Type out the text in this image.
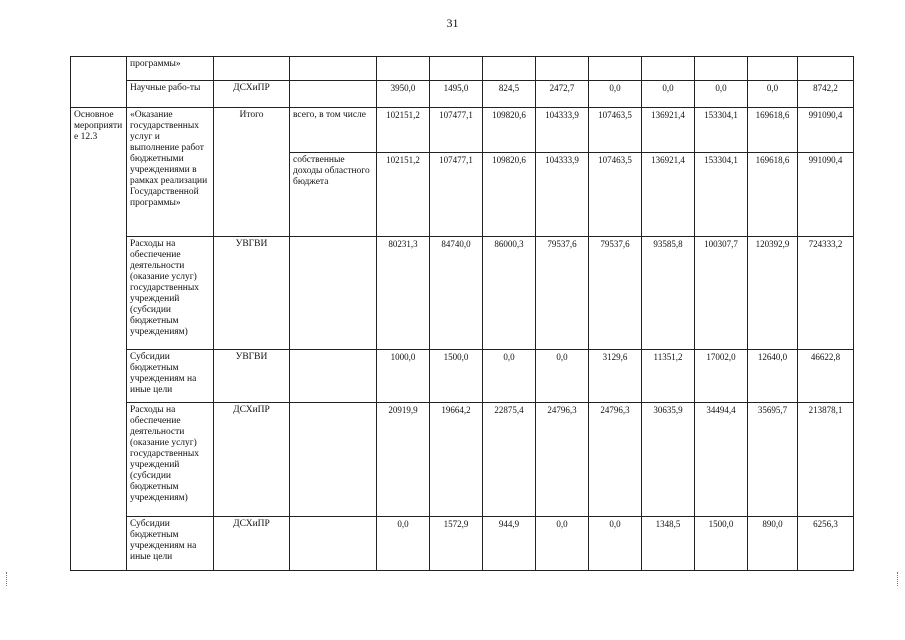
31
	программы»											
	Научные рабо-ты	ДСХиПР		3950,0	1495,0	824,5	2472,7	0,0	0,0	0,0	0,0	8742,2
Основное мероприятие 12.3	«Оказание государственных услуг и выполнение работ бюджетными учреждениями в рамках реализации Государственной программы»	Итого	всего, в том числе	102151,2	107477,1	109820,6	104333,9	107463,5	136921,4	153304,1	169618,6	991090,4
			собственные доходы областного бюджета	102151,2	107477,1	109820,6	104333,9	107463,5	136921,4	153304,1	169618,6	991090,4
	Расходы на обеспечение деятельности (оказание услуг) государственных учреждений (субсидии бюджетным учреждениям)	УВГВИ		80231,3	84740,0	86000,3	79537,6	79537,6	93585,8	100307,7	120392,9	724333,2
	Субсидии бюджетным учреждениям на иные цели	УВГВИ		1000,0	1500,0	0,0	0,0	3129,6	11351,2	17002,0	12640,0	46622,8
	Расходы на обеспечение деятельности (оказание услуг) государственных учреждений (субсидии бюджетным учреждениям)	ДСХиПР		20919,9	19664,2	22875,4	24796,3	24796,3	30635,9	34494,4	35695,7	213878,1
	Субсидии бюджетным учреждениям на иные цели	ДСХиПР		0,0	1572,9	944,9	0,0	0,0	1348,5	1500,0	890,0	6256,3
